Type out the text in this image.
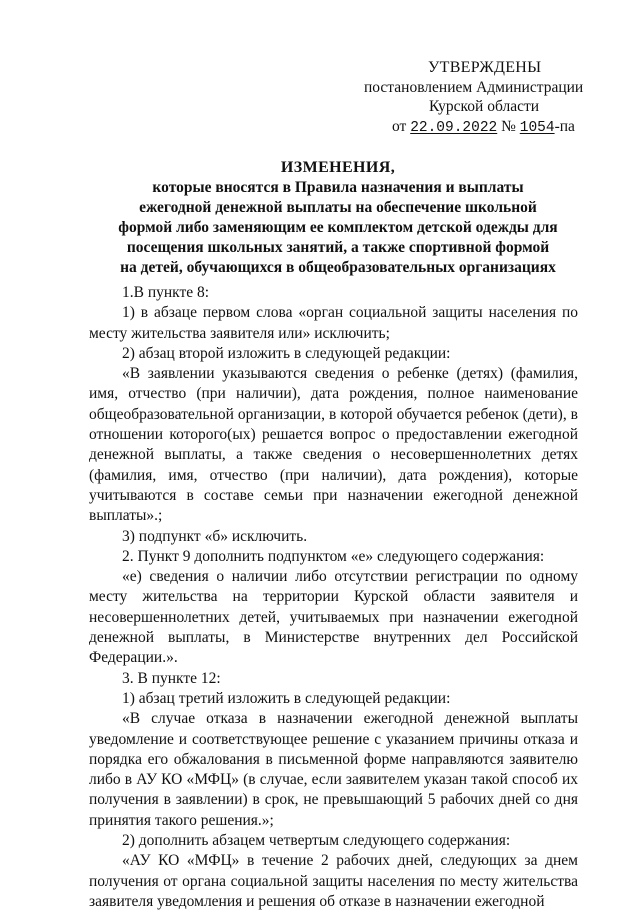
УТВЕРЖДЕНЫ
постановлением Администрации
Курской области
от 22.09.2022 № 1054-па
ИЗМЕНЕНИЯ,
которые вносятся в Правила назначения и выплаты ежегодной денежной выплаты на обеспечение школьной формой либо заменяющим ее комплектом детской одежды для посещения школьных занятий, а также спортивной формой на детей, обучающихся в общеобразовательных организациях

1.В пункте 8:

1) в абзаце первом слова «орган социальной защиты населения по месту жительства заявителя или» исключить;

2) абзац второй изложить в следующей редакции:

«В заявлении указываются сведения о ребенке (детях) (фамилия, имя, отчество (при наличии), дата рождения, полное наименование общеобразовательной организации, в которой обучается ребенок (дети), в отношении которого(ых) решается вопрос о предоставлении ежегодной денежной выплаты, а также сведения о несовершеннолетних детях (фамилия, имя, отчество (при наличии), дата рождения), которые учитываются в составе семьи при назначении ежегодной денежной выплаты».;

3) подпункт «б» исключить.

2. Пункт 9 дополнить подпунктом «е» следующего содержания:

«е) сведения о наличии либо отсутствии регистрации по одному месту жительства на территории Курской области заявителя и несовершеннолетних детей, учитываемых при назначении ежегодной денежной выплаты, в Министерстве внутренних дел Российской Федерации.».

3. В пункте 12:

1) абзац третий изложить в следующей редакции:

«В случае отказа в назначении ежегодной денежной выплаты уведомление и соответствующее решение с указанием причины отказа и порядка его обжалования в письменной форме направляются заявителю либо в АУ КО «МФЦ» (в случае, если заявителем указан такой способ их получения в заявлении) в срок, не превышающий 5 рабочих дней со дня принятия такого решения.»;

2) дополнить абзацем четвертым следующего содержания:

«АУ КО «МФЦ» в течение 2 рабочих дней, следующих за днем получения от органа социальной защиты населения по месту жительства заявителя уведомления и решения об отказе в назначении ежегодной
